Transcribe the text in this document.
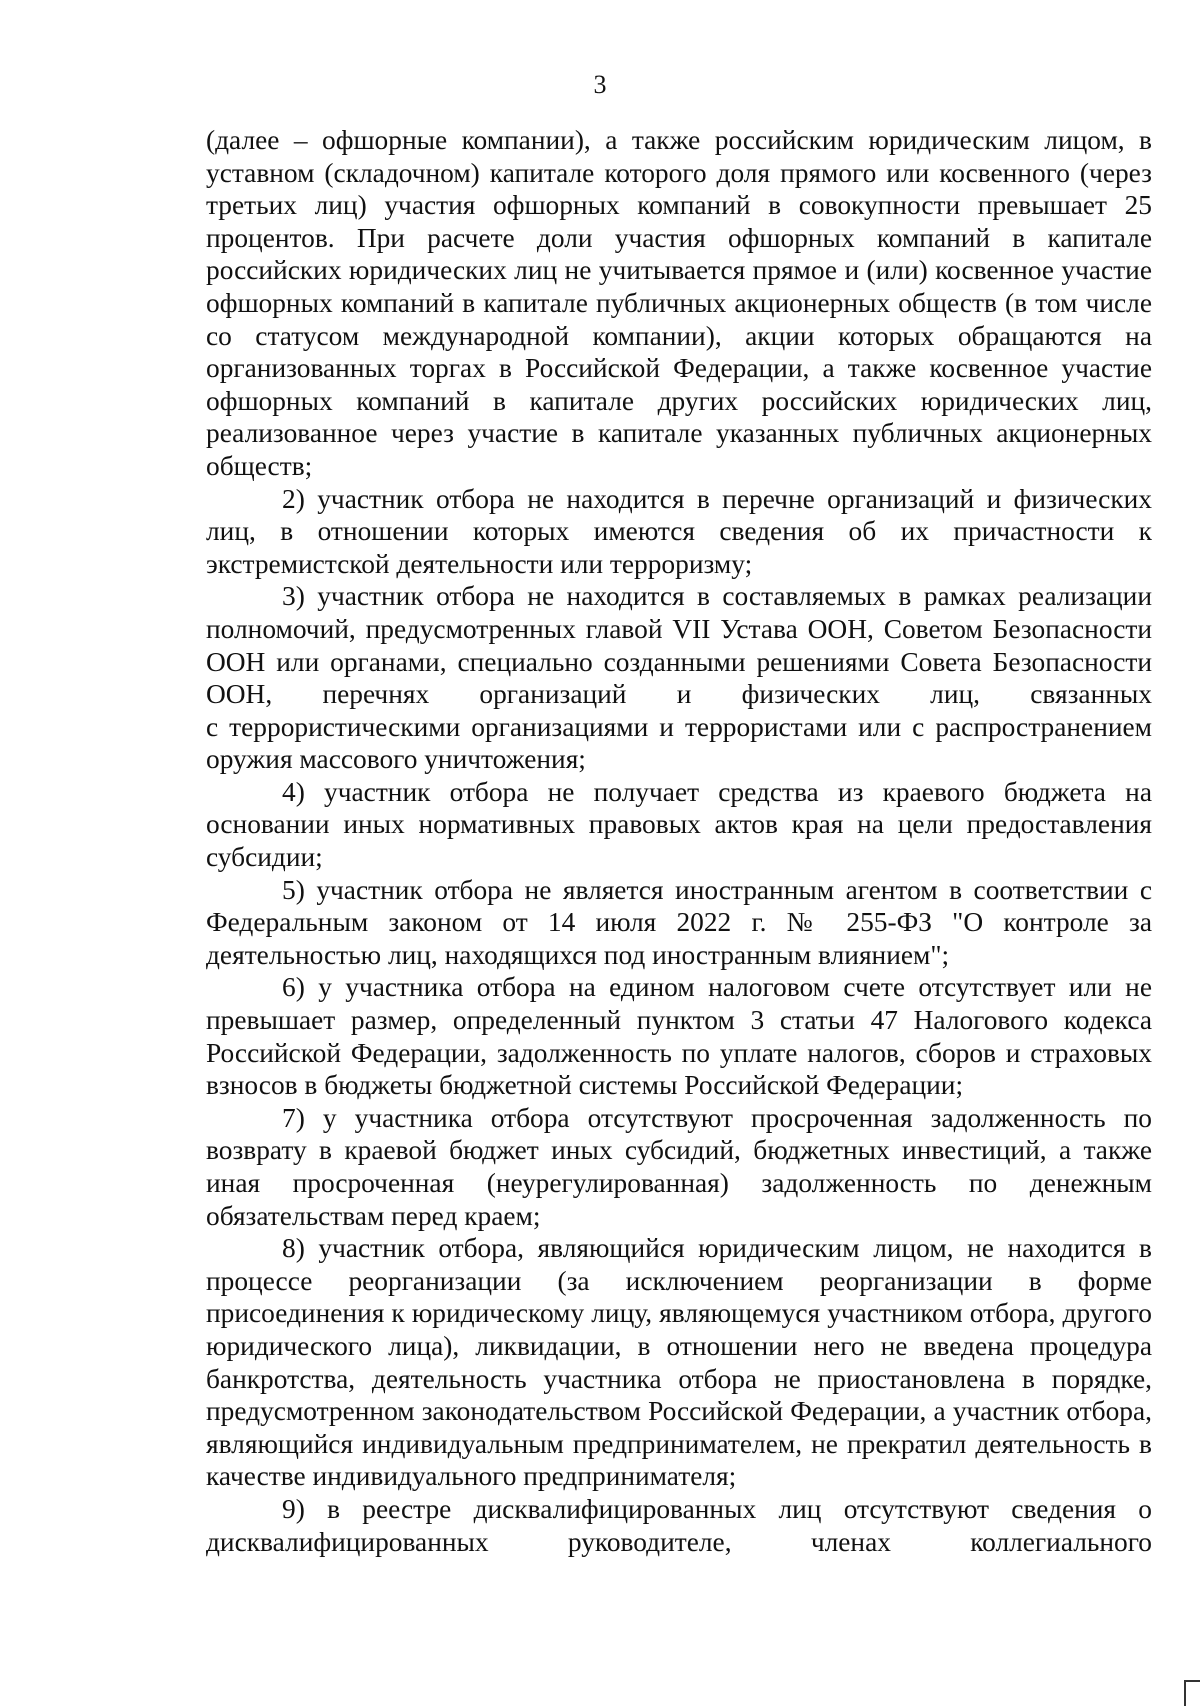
3

(далее – офшорные компании), а также российским юридическим лицом, в уставном (складочном) капитале которого доля прямого или косвенного (через третьих лиц) участия офшорных компаний в совокупности превышает 25 процентов. При расчете доли участия офшорных компаний в капитале российских юридических лиц не учитывается прямое и (или) косвенное участие офшорных компаний в капитале публичных акционерных обществ (в том числе со статусом международной компании), акции которых обращаются на организованных торгах в Российской Федерации, а также косвенное участие офшорных компаний в капитале других российских юридических лиц, реализованное через участие в капитале указанных публичных акционерных обществ;

2) участник отбора не находится в перечне организаций и физических лиц, в отношении которых имеются сведения об их причастности к экстремистской деятельности или терроризму;

3) участник отбора не находится в составляемых в рамках реализации полномочий, предусмотренных главой VII Устава ООН, Советом Безопасности ООН или органами, специально созданными решениями Совета Безопасности ООН, перечнях организаций и физических лиц, связанных

с террористическими организациями и террористами или с распространением оружия массового уничтожения;

4) участник отбора не получает средства из краевого бюджета на основании иных нормативных правовых актов края на цели предоставления субсидии;

5) участник отбора не является иностранным агентом в соответствии с Федеральным законом от 14 июля 2022 г. № 255-ФЗ "О контроле за деятельностью лиц, находящихся под иностранным влиянием";

6) у участника отбора на едином налоговом счете отсутствует или не превышает размер, определенный пунктом 3 статьи 47 Налогового кодекса Российской Федерации, задолженность по уплате налогов, сборов и страховых взносов в бюджеты бюджетной системы Российской Федерации;

7) у участника отбора отсутствуют просроченная задолженность по возврату в краевой бюджет иных субсидий, бюджетных инвестиций, а также иная просроченная (неурегулированная) задолженность по денежным обязательствам перед краем;

8) участник отбора, являющийся юридическим лицом, не находится в процессе реорганизации (за исключением реорганизации в форме присоединения к юридическому лицу, являющемуся участником отбора, другого юридического лица), ликвидации, в отношении него не введена процедура банкротства, деятельность участника отбора не приостановлена в порядке, предусмотренном законодательством Российской Федерации, а участник отбора, являющийся индивидуальным предпринимателем, не прекратил деятельность в качестве индивидуального предпринимателя;

9) в реестре дисквалифицированных лиц отсутствуют сведения о дисквалифицированных руководителе, членах коллегиального
